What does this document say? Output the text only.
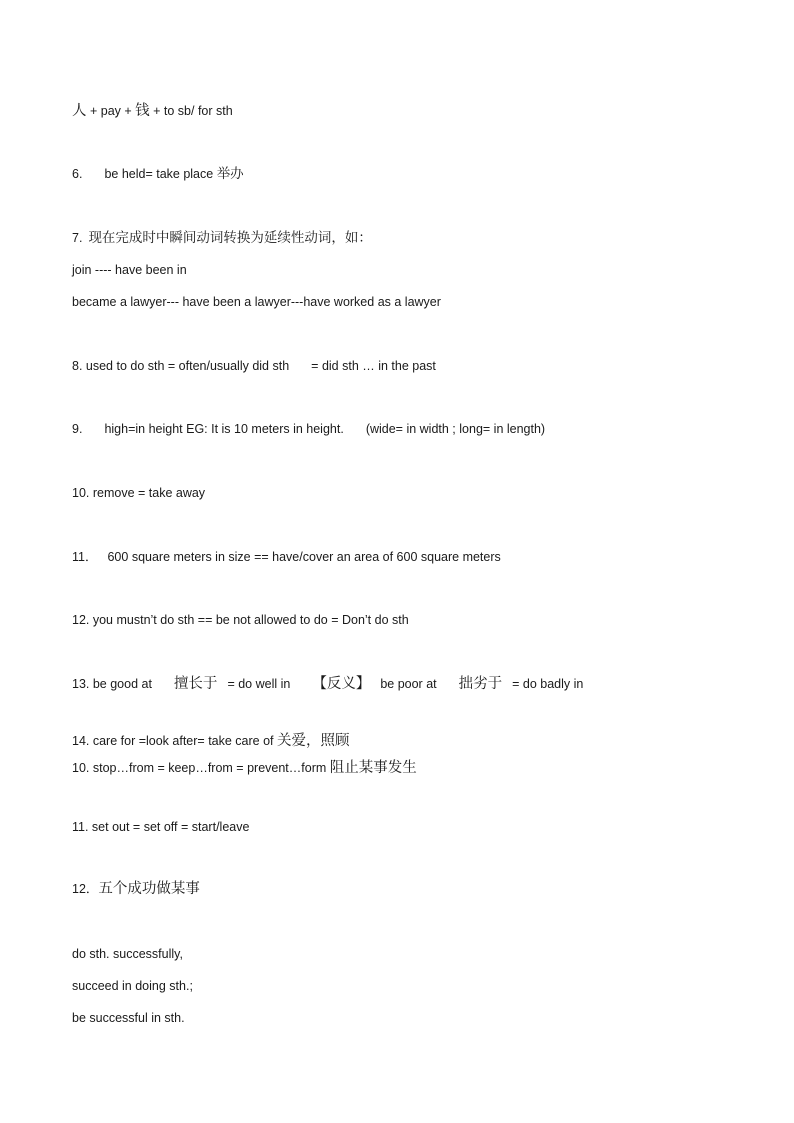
人 + pay + 钱 + to sb/ for sth
6. be held= take place 举办
7. 现在完成时中瞬间动词转换为延续性动词，如：
join ---- have been in
became a lawyer--- have been a lawyer---have worked as a lawyer
8. used to do sth = often/usually did sth = did sth … in the past
9. high=in height EG: It is 10 meters in height. (wide= in width ; long= in length)
10. remove = take away
11． 600 square meters in size == have/cover an area of 600 square meters
12. you mustn’t do sth == be not allowed to do = Don’t do sth
13. be good at 擅长于 = do well in 【反义】 be poor at 拙劣于 = do badly in
14. care for =look after= take care of 关爱，照顾
10. stop…from = keep…from = prevent…form 阻止某事发生
11. set out = set off = start/leave
12．五个成功做某事
do sth. successfully,
succeed in doing sth.;
be successful in sth.
